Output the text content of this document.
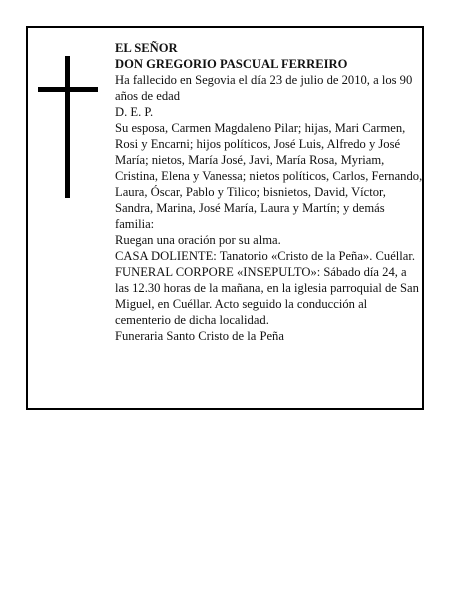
EL SEÑOR

DON GREGORIO PASCUAL FERREIRO

Ha fallecido en Segovia el día 23 de julio de 2010, a los 90 años de edad

D. E. P.

Su esposa, Carmen Magdaleno Pilar; hijas, Mari Carmen, Rosi y Encarni; hijos políticos, José Luis, Alfredo y José María; nietos, María José, Javi, María Rosa, Myriam, Cristina, Elena y Vanessa; nietos políticos, Carlos, Fernando, Laura, Óscar, Pablo y Tilico; bisnietos, David, Víctor, Sandra, Marina, José María, Laura y Martín; y demás familia:

Ruegan una oración por su alma.

CASA DOLIENTE: Tanatorio «Cristo de la Peña». Cuéllar.

FUNERAL CORPORE «INSEPULTO»: Sábado día 24, a las 12.30 horas de la mañana, en la iglesia parroquial de San Miguel, en Cuéllar. Acto seguido la conducción al cementerio de dicha localidad.

Funeraria Santo Cristo de la Peña
